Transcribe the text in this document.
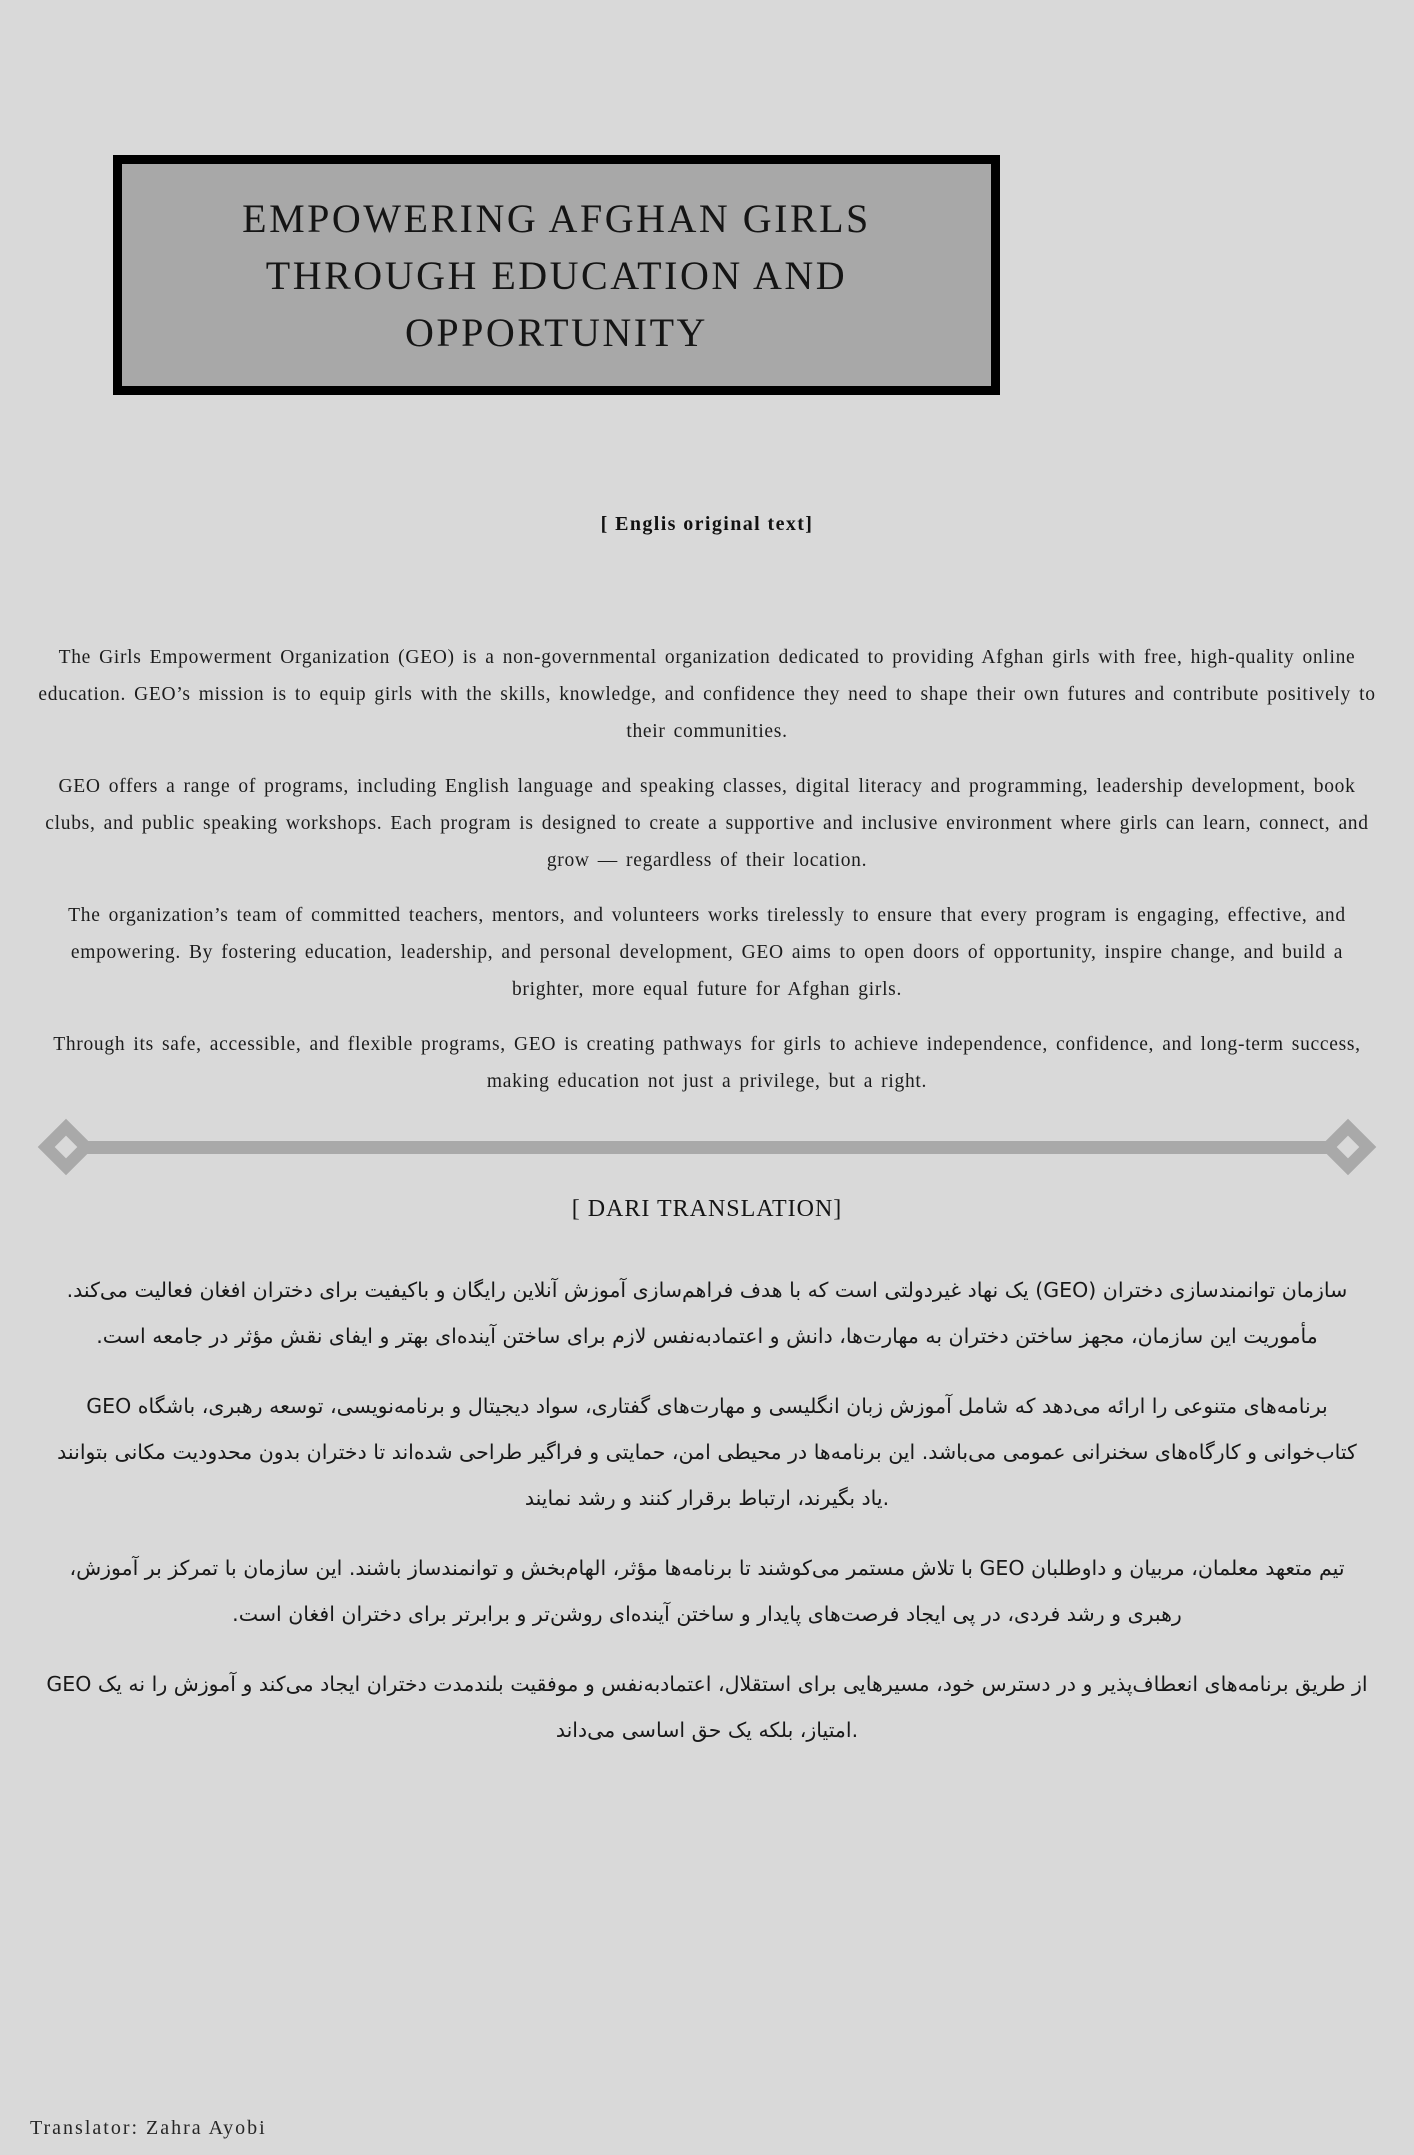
EMPOWERING AFGHAN GIRLS
THROUGH EDUCATION AND
OPPORTUNITY
[ Englis original text]

The Girls Empowerment Organization (GEO) is a non-governmental organization dedicated to providing Afghan girls with free, high-quality online education. GEO’s mission is to equip girls with the skills, knowledge, and confidence they need to shape their own futures and contribute positively to their communities.

GEO offers a range of programs, including English language and speaking classes, digital literacy and programming, leadership development, book clubs, and public speaking workshops. Each program is designed to create a supportive and inclusive environment where girls can learn, connect, and grow — regardless of their location.

The organization’s team of committed teachers, mentors, and volunteers works tirelessly to ensure that every program is engaging, effective, and empowering. By fostering education, leadership, and personal development, GEO aims to open doors of opportunity, inspire change, and build a brighter, more equal future for Afghan girls.

Through its safe, accessible, and flexible programs, GEO is creating pathways for girls to achieve independence, confidence, and long-term success, making education not just a privilege, but a right.

[ DARI TRANSLATION]

سازمان توانمندسازی دختران (GEO) یک نهاد غیردولتی است که با هدف فراهم‌سازی آموزش آنلاین رایگان و باکیفیت برای دختران افغان فعالیت می‌کند. مأموریت این سازمان، مجهز ساختن دختران به مهارت‌ها، دانش و اعتمادبه‌نفس لازم برای ساختن آینده‌ای بهتر و ایفای نقش مؤثر در جامعه است.

GEO برنامه‌های متنوعی را ارائه می‌دهد که شامل آموزش زبان انگلیسی و مهارت‌های گفتاری، سواد دیجیتال و برنامه‌نویسی، توسعه رهبری، باشگاه کتاب‌خوانی و کارگاه‌های سخنرانی عمومی می‌باشد. این برنامه‌ها در محیطی امن، حمایتی و فراگیر طراحی شده‌اند تا دختران بدون محدودیت مکانی بتوانند یاد بگیرند، ارتباط برقرار کنند و رشد نمایند.

تیم متعهد معلمان، مربیان و داوطلبان GEO با تلاش مستمر می‌کوشند تا برنامه‌ها مؤثر، الهام‌بخش و توانمندساز باشند. این سازمان با تمرکز بر آموزش، رهبری و رشد فردی، در پی ایجاد فرصت‌های پایدار و ساختن آینده‌ای روشن‌تر و برابرتر برای دختران افغان است.

GEO از طریق برنامه‌های انعطاف‌پذیر و در دسترس خود، مسیرهایی برای استقلال، اعتمادبه‌نفس و موفقیت بلندمدت دختران ایجاد می‌کند و آموزش را نه یک امتیاز، بلکه یک حق اساسی می‌داند.

Translator: Zahra Ayobi
